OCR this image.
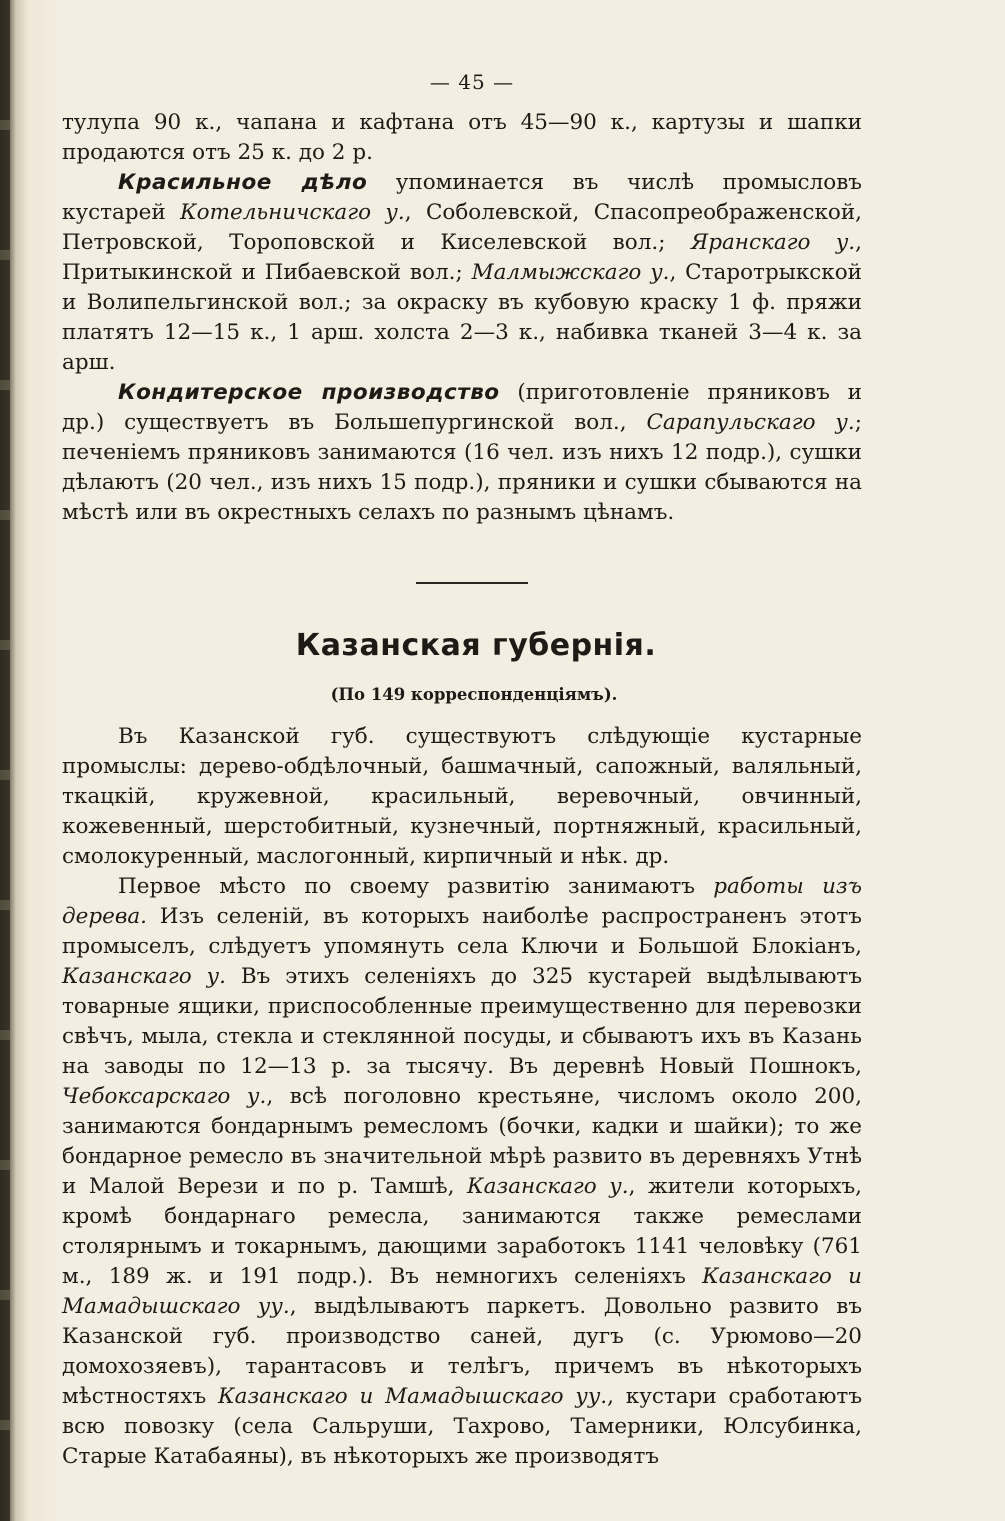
— 45 —

тулупа 90 к., чапана и кафтана отъ 45—90 к., картузы и шапки продаются отъ 25 к. до 2 р.

Красильное дѣло упоминается въ числѣ промысловъ кустарей Котельничскаго у., Соболевской, Спасопреображенской, Петровской, Тороповской и Киселевской вол.; Яранскаго у., Притыкинской и Пибаевской вол.; Малмыжскаго у., Старотрыкской и Волипельгинской вол.; за окраску въ кубовую краску 1 ф. пряжи платятъ 12—15 к., 1 арш. холста 2—3 к., набивка тканей 3—4 к. за арш.

Кондитерское производство (приготовленіе пряниковъ и др.) существуетъ въ Большепургинской вол., Сарапульскаго у.; печеніемъ пряниковъ занимаются (16 чел. изъ нихъ 12 подр.), сушки дѣлаютъ (20 чел., изъ нихъ 15 подр.), пряники и сушки сбываются на мѣстѣ или въ окрестныхъ селахъ по разнымъ цѣнамъ.

Казанская губернія.
(По 149 корреспонденціямъ).

Въ Казанской губ. существуютъ слѣдующіе кустарные промыслы: дерево-обдѣлочный, башмачный, сапожный, валяльный, ткацкій, кружевной, красильный, веревочный, овчинный, кожевенный, шерстобитный, кузнечный, портняжный, красильный, смолокуренный, маслогонный, кирпичный и нѣк. др.

Первое мѣсто по своему развитію занимаютъ работы изъ дерева. Изъ селеній, въ которыхъ наиболѣе распространенъ этотъ промыселъ, слѣдуетъ упомянуть села Ключи и Большой Блокіанъ, Казанскаго у. Въ этихъ селеніяхъ до 325 кустарей выдѣлываютъ товарные ящики, приспособленные преимущественно для перевозки свѣчъ, мыла, стекла и стеклянной посуды, и сбываютъ ихъ въ Казань на заводы по 12—13 р. за тысячу. Въ деревнѣ Новый Пошнокъ, Чебоксарскаго у., всѣ поголовно крестьяне, числомъ около 200, занимаются бондарнымъ ремесломъ (бочки, кадки и шайки); то же бондарное ремесло въ значительной мѣрѣ развито въ деревняхъ Утнѣ и Малой Верези и по р. Тамшѣ, Казанскаго у., жители которыхъ, кромѣ бондарнаго ремесла, занимаются также ремеслами столярнымъ и токарнымъ, дающими заработокъ 1141 человѣку (761 м., 189 ж. и 191 подр.). Въ немногихъ селеніяхъ Казанскаго и Мамадышскаго уу., выдѣлываютъ паркетъ. Довольно развито въ Казанской губ. производство саней, дугъ (с. Урюмово—20 домохозяевъ), тарантасовъ и телѣгъ, причемъ въ нѣкоторыхъ мѣстностяхъ Казанскаго и Мамадышскаго уу., кустари сработаютъ всю повозку (села Сальруши, Тахрово, Тамерники, Юлсубинка, Старые Катабаяны), въ нѣкоторыхъ же производятъ
